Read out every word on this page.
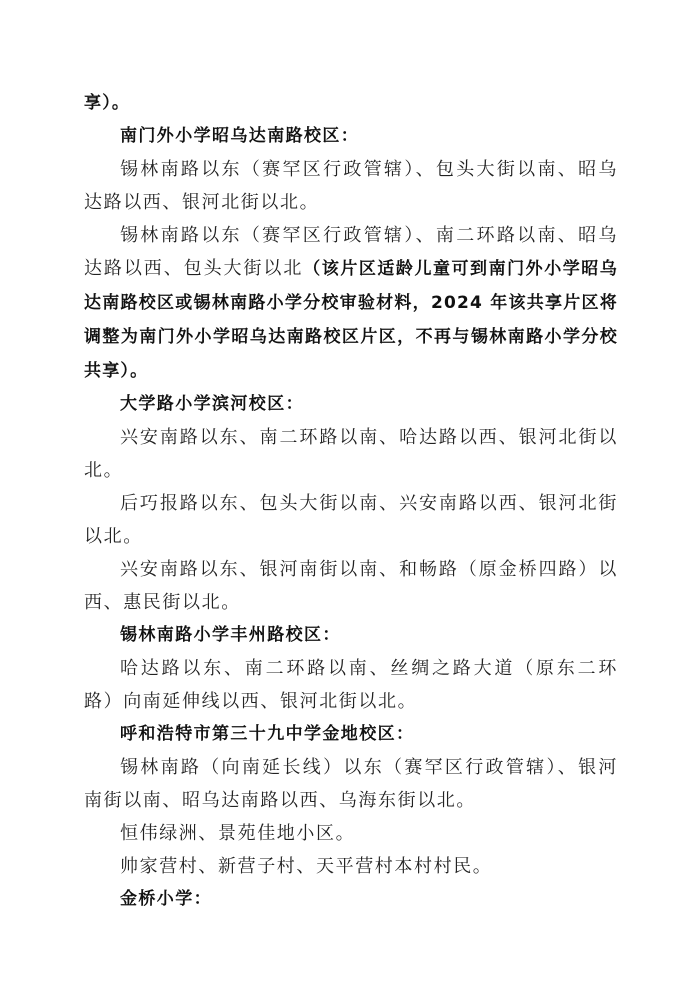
享）。

南门外小学昭乌达南路校区：

锡林南路以东（赛罕区行政管辖）、包头大街以南、昭乌达路以西、银河北街以北。

锡林南路以东（赛罕区行政管辖）、南二环路以南、昭乌达路以西、包头大街以北（该片区适龄儿童可到南门外小学昭乌达南路校区或锡林南路小学分校审验材料，2024 年该共享片区将调整为南门外小学昭乌达南路校区片区，不再与锡林南路小学分校共享）。

大学路小学滨河校区：

兴安南路以东、南二环路以南、哈达路以西、银河北街以北。

后巧报路以东、包头大街以南、兴安南路以西、银河北街以北。

兴安南路以东、银河南街以南、和畅路（原金桥四路）以西、惠民街以北。

锡林南路小学丰州路校区：

哈达路以东、南二环路以南、丝绸之路大道（原东二环路）向南延伸线以西、银河北街以北。

呼和浩特市第三十九中学金地校区：

锡林南路（向南延长线）以东（赛罕区行政管辖）、银河南街以南、昭乌达南路以西、乌海东街以北。

恒伟绿洲、景苑佳地小区。

帅家营村、新营子村、天平营村本村村民。

金桥小学：
